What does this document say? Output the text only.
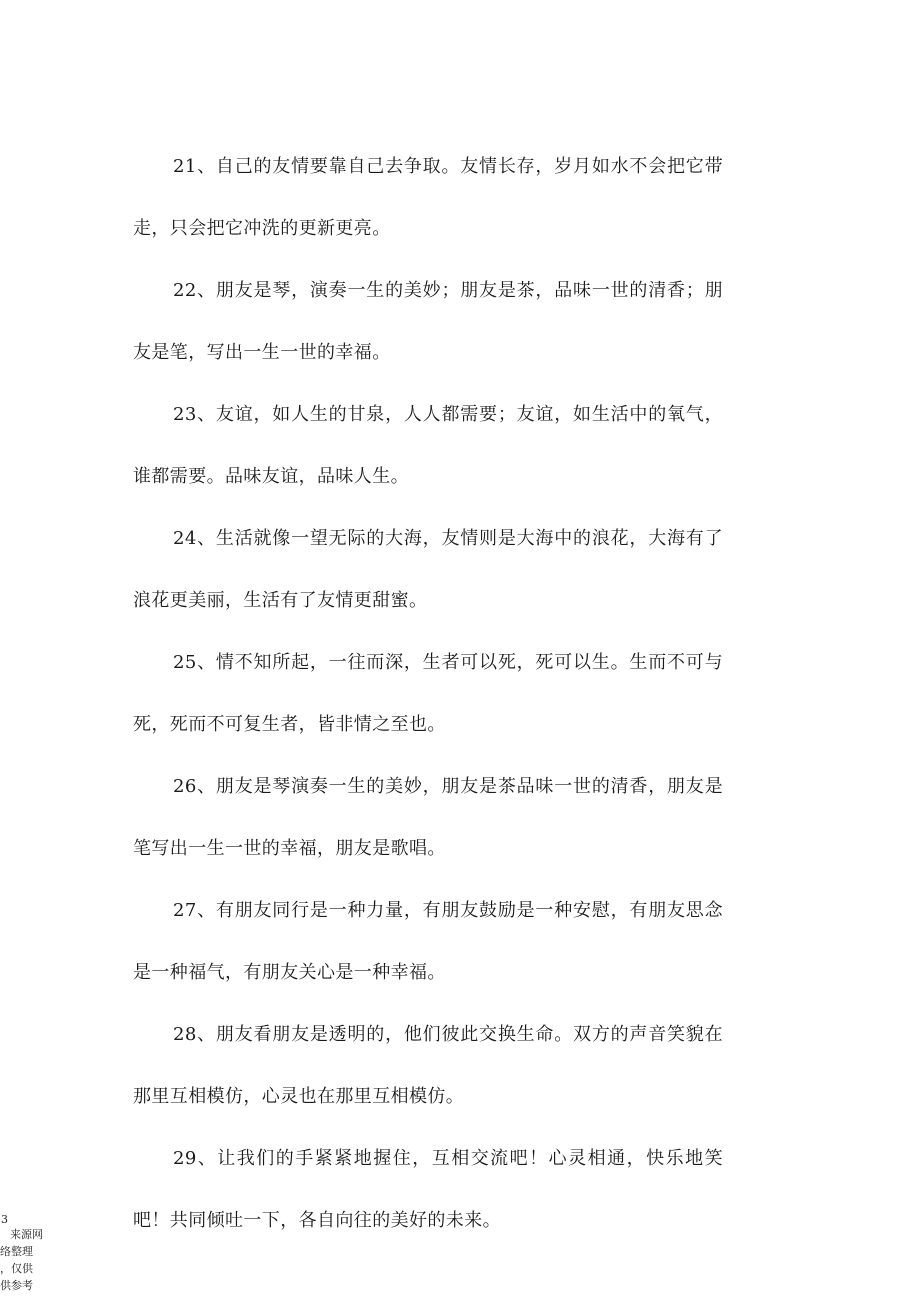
21、自己的友情要靠自己去争取。友情长存，岁月如水不会把它带走，只会把它冲洗的更新更亮。

22、朋友是琴，演奏一生的美妙；朋友是茶，品味一世的清香；朋友是笔，写出一生一世的幸福。

23、友谊，如人生的甘泉，人人都需要；友谊，如生活中的氧气，谁都需要。品味友谊，品味人生。

24、生活就像一望无际的大海，友情则是大海中的浪花，大海有了浪花更美丽，生活有了友情更甜蜜。

25、情不知所起，一往而深，生者可以死，死可以生。生而不可与死，死而不可复生者，皆非情之至也。

26、朋友是琴演奏一生的美妙，朋友是茶品味一世的清香，朋友是笔写出一生一世的幸福，朋友是歌唱。

27、有朋友同行是一种力量，有朋友鼓励是一种安慰，有朋友思念是一种福气，有朋友关心是一种幸福。

28、朋友看朋友是透明的，他们彼此交换生命。双方的声音笑貌在那里互相模仿，心灵也在那里互相模仿。

29、让我们的手紧紧地握住，互相交流吧！心灵相通，快乐地笑吧！共同倾吐一下，各自向往的美好的未来。

3
来源网
络整理
，仅供
供参考
